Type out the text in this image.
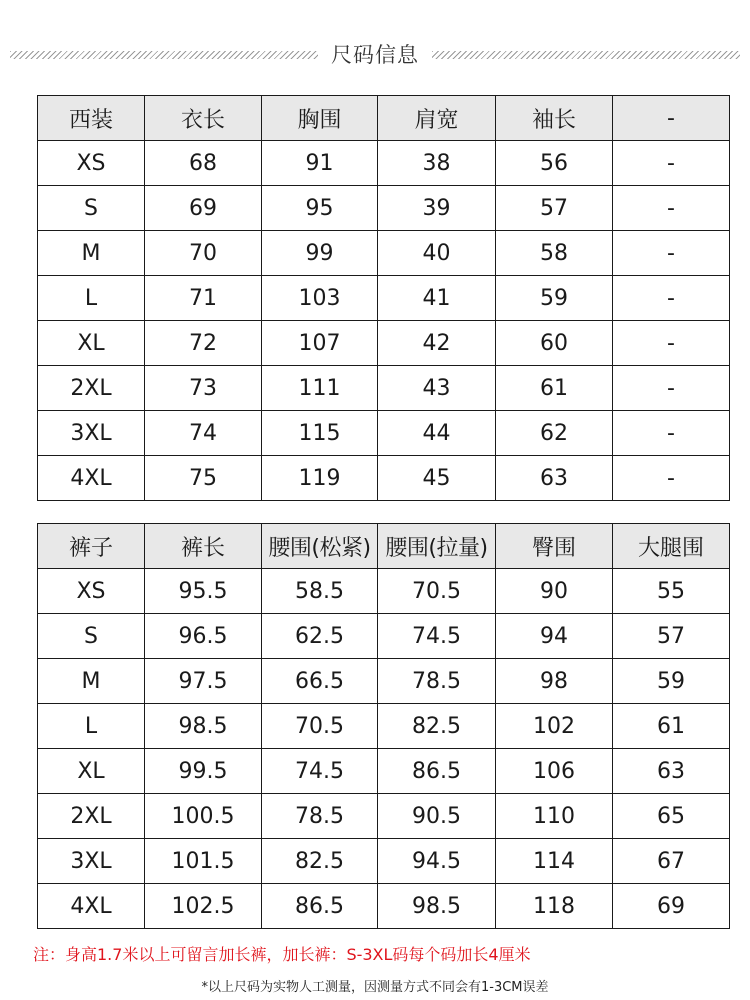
尺码信息
西装	衣长	胸围	肩宽	袖长	-
XS	68	91	38	56	-
S	69	95	39	57	-
M	70	99	40	58	-
L	71	103	41	59	-
XL	72	107	42	60	-
2XL	73	111	43	61	-
3XL	74	115	44	62	-
4XL	75	119	45	63	-
裤子	裤长	腰围(松紧)	腰围(拉量)	臀围	大腿围
XS	95.5	58.5	70.5	90	55
S	96.5	62.5	74.5	94	57
M	97.5	66.5	78.5	98	59
L	98.5	70.5	82.5	102	61
XL	99.5	74.5	86.5	106	63
2XL	100.5	78.5	90.5	110	65
3XL	101.5	82.5	94.5	114	67
4XL	102.5	86.5	98.5	118	69
注：身高1.7米以上可留言加长裤，加长裤：S-3XL码每个码加长4厘米
*以上尺码为实物人工测量，因测量方式不同会有1-3CM误差
